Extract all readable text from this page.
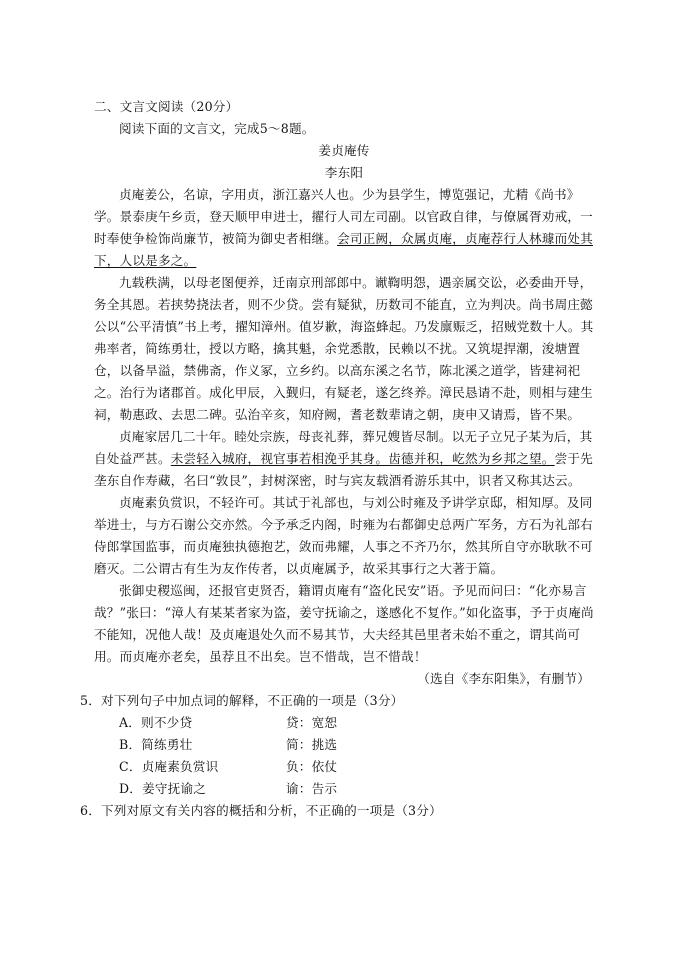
二、文言文阅读（20分）
阅读下面的文言文，完成5～8题。
姜贞庵传
李东阳
贞庵姜公，名谅，字用贞，浙江嘉兴人也。少为县学生，博览强记，尤精《尚书》学。景泰庚午乡贡，登天顺甲申进士，擢行人司左司副。以官政自律，与僚属胥劝戒，一时奉使争检饰尚廉节，被简为御史者相继。会司正阙，众属贞庵，贞庵荐行人林璩而处其下，人以是多之。
九载秩满，以母老图便养，迁南京刑部郎中。谳鞫明怨，遇亲属交讼，必委曲开导，务全其恩。若挟势挠法者，则不少贷。尝有疑狱，历数司不能直，立为判决。尚书周庄懿公以“公平清慎”书上考，擢知漳州。值岁歉，海盗蜂起。乃发廪赈乏，招贼党数十人。其弗率者，简练勇壮，授以方略，擒其魁，余党悉散，民赖以不扰。又筑堤捍潮，浚塘置仓，以备旱溢，禁佛斋，作义冢，立乡约。以高东溪之名节，陈北溪之道学，皆建祠祀之。治行为诸郡首。成化甲辰，入觐归，有疑老，遂乞终养。漳民恳请不赴，则相与建生祠，勒惠政、去思二碑。弘治辛亥，知府阙，耆老数辈请之朝，庚申又请焉，皆不果。
贞庵家居几二十年。睦处宗族，母丧礼葬，葬兄嫂皆尽制。以无子立兄子某为后，其自处益严甚。未尝轻入城府，视官事若相浼乎其身。齿德并积，屹然为乡邦之望。尝于先垄东自作寿藏，名曰“敦艮”，封树深密，时与宾友载酒肴游乐其中，识者又称其达云。
贞庵素负赏识，不轻许可。其试于礼部也，与刘公时雍及予讲学京邸，相知厚。及同举进士，与方石谢公交亦然。今予承乏内阁，时雍为右都御史总两广军务，方石为礼部右侍郎掌国监事，而贞庵独执德抱艺，敛而弗耀，人事之不齐乃尔，然其所自守亦耿耿不可磨灭。二公谓古有生为友作传者，以贞庵属予，故采其事行之大著于篇。
张御史稷巡闽，还报官吏贤否，籍谓贞庵有“盗化民安”语。予见而问曰：“化亦易言哉？”张曰：“漳人有某某者家为盗，姜守抚谕之，遂感化不复作。”如化盗事，予于贞庵尚不能知，况他人哉！及贞庵退处久而不易其节，大夫经其邑里者未始不重之，谓其尚可用。而贞庵亦老矣，虽荐且不出矣。岂不惜哉，岂不惜哉！
（选自《李东阳集》，有删节）
5．对下列句子中加点词的解释，不正确的一项是（3分）
A．则不少贷	贷：宽恕
B．简练勇壮	简：挑选
C．贞庵素负赏识	负：依仗
D．姜守抚谕之	谕：告示
6．下列对原文有关内容的概括和分析，不正确的一项是（3分）
